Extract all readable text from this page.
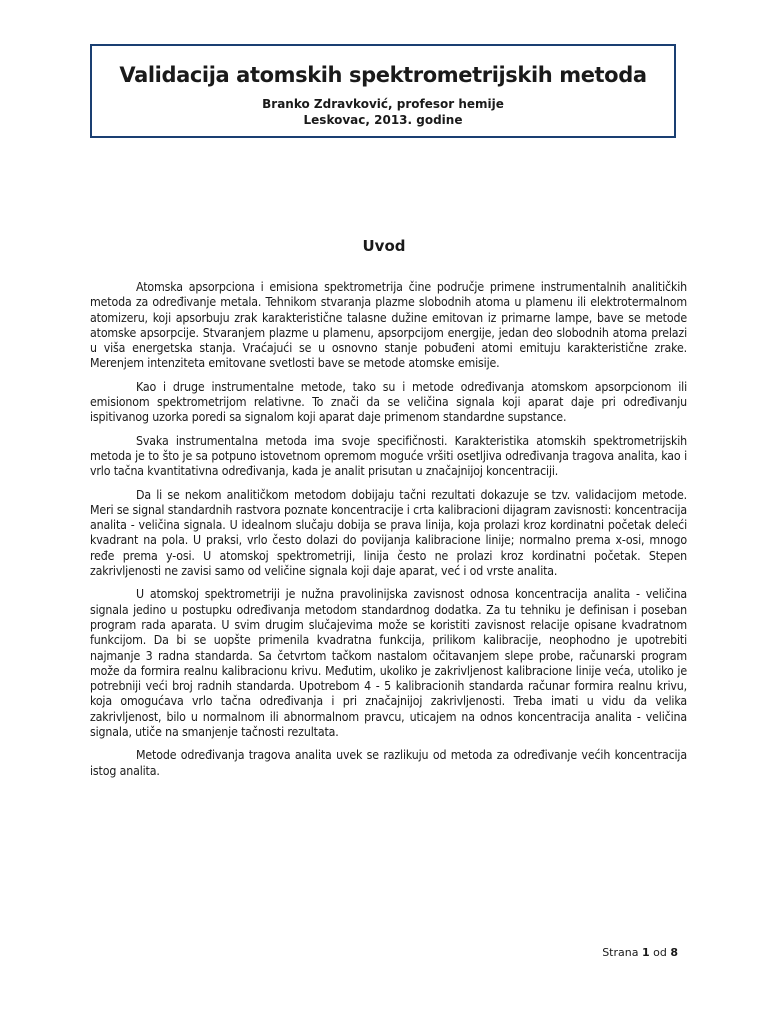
Validacija atomskih spektrometrijskih metoda

Branko Zdravković, profesor hemije

Leskovac, 2013. godine

Uvod

Atomska apsorpciona i emisiona spektrometrija čine područje primene instrumentalnih analitičkih metoda za određivanje metala. Tehnikom stvaranja plazme slobodnih atoma u plamenu ili elektrotermalnom atomizeru, koji apsorbuju zrak karakteristične talasne dužine emitovan iz primarne lampe, bave se metode atomske apsorpcije. Stvaranjem plazme u plamenu, apsorpcijom energije, jedan deo slobodnih atoma prelazi u viša energetska stanja. Vraćajući se u osnovno stanje pobuđeni atomi emituju karakteristične zrake. Merenjem intenziteta emitovane svetlosti bave se metode atomske emisije.

Kao i druge instrumentalne metode, tako su i metode određivanja atomskom apsorpcionom ili emisionom spektrometrijom relativne. To znači da se veličina signala koji aparat daje pri određivanju ispitivanog uzorka poredi sa signalom koji aparat daje primenom standardne supstance.

Svaka instrumentalna metoda ima svoje specifičnosti. Karakteristika atomskih spektrometrijskih metoda je to što je sa potpuno istovetnom opremom moguće vršiti osetljiva određivanja tragova analita, kao i vrlo tačna kvantitativna određivanja, kada je analit prisutan u značajnijoj koncentraciji.

Da li se nekom analitičkom metodom dobijaju tačni rezultati dokazuje se tzv. validacijom metode. Meri se signal standardnih rastvora poznate koncentracije i crta kalibracioni dijagram zavisnosti: koncentracija analita - veličina signala. U idealnom slučaju dobija se prava linija, koja prolazi kroz kordinatni početak deleći kvadrant na pola. U praksi, vrlo često dolazi do povijanja kalibracione linije; normalno prema x-osi, mnogo ređe prema y-osi. U atomskoj spektrometriji, linija često ne prolazi kroz kordinatni početak. Stepen zakrivljenosti ne zavisi samo od veličine signala koji daje aparat, već i od vrste analita.

U atomskoj spektrometriji je nužna pravolinijska zavisnost odnosa koncentracija analita - veličina signala jedino u postupku određivanja metodom standardnog dodatka. Za tu tehniku je definisan i poseban program rada aparata. U svim drugim slučajevima može se koristiti zavisnost relacije opisane kvadratnom funkcijom. Da bi se uopšte primenila kvadratna funkcija, prilikom kalibracije, neophodno je upotrebiti najmanje 3 radna standarda. Sa četvrtom tačkom nastalom očitavanjem slepe probe, računarski program može da formira realnu kalibracionu krivu. Međutim, ukoliko je zakrivljenost kalibracione linije veća, utoliko je potrebniji veći broj radnih standarda. Upotrebom 4 - 5 kalibracionih standarda računar formira realnu krivu, koja omogućava vrlo tačna određivanja i pri značajnijoj zakrivljenosti. Treba imati u vidu da velika zakrivljenost, bilo u normalnom ili abnormalnom pravcu, uticajem na odnos koncentracija analita - veličina signala, utiče na smanjenje tačnosti rezultata.

Metode određivanja tragova analita uvek se razlikuju od metoda za određivanje većih koncentracija istog analita.

Strana 1 od 8
